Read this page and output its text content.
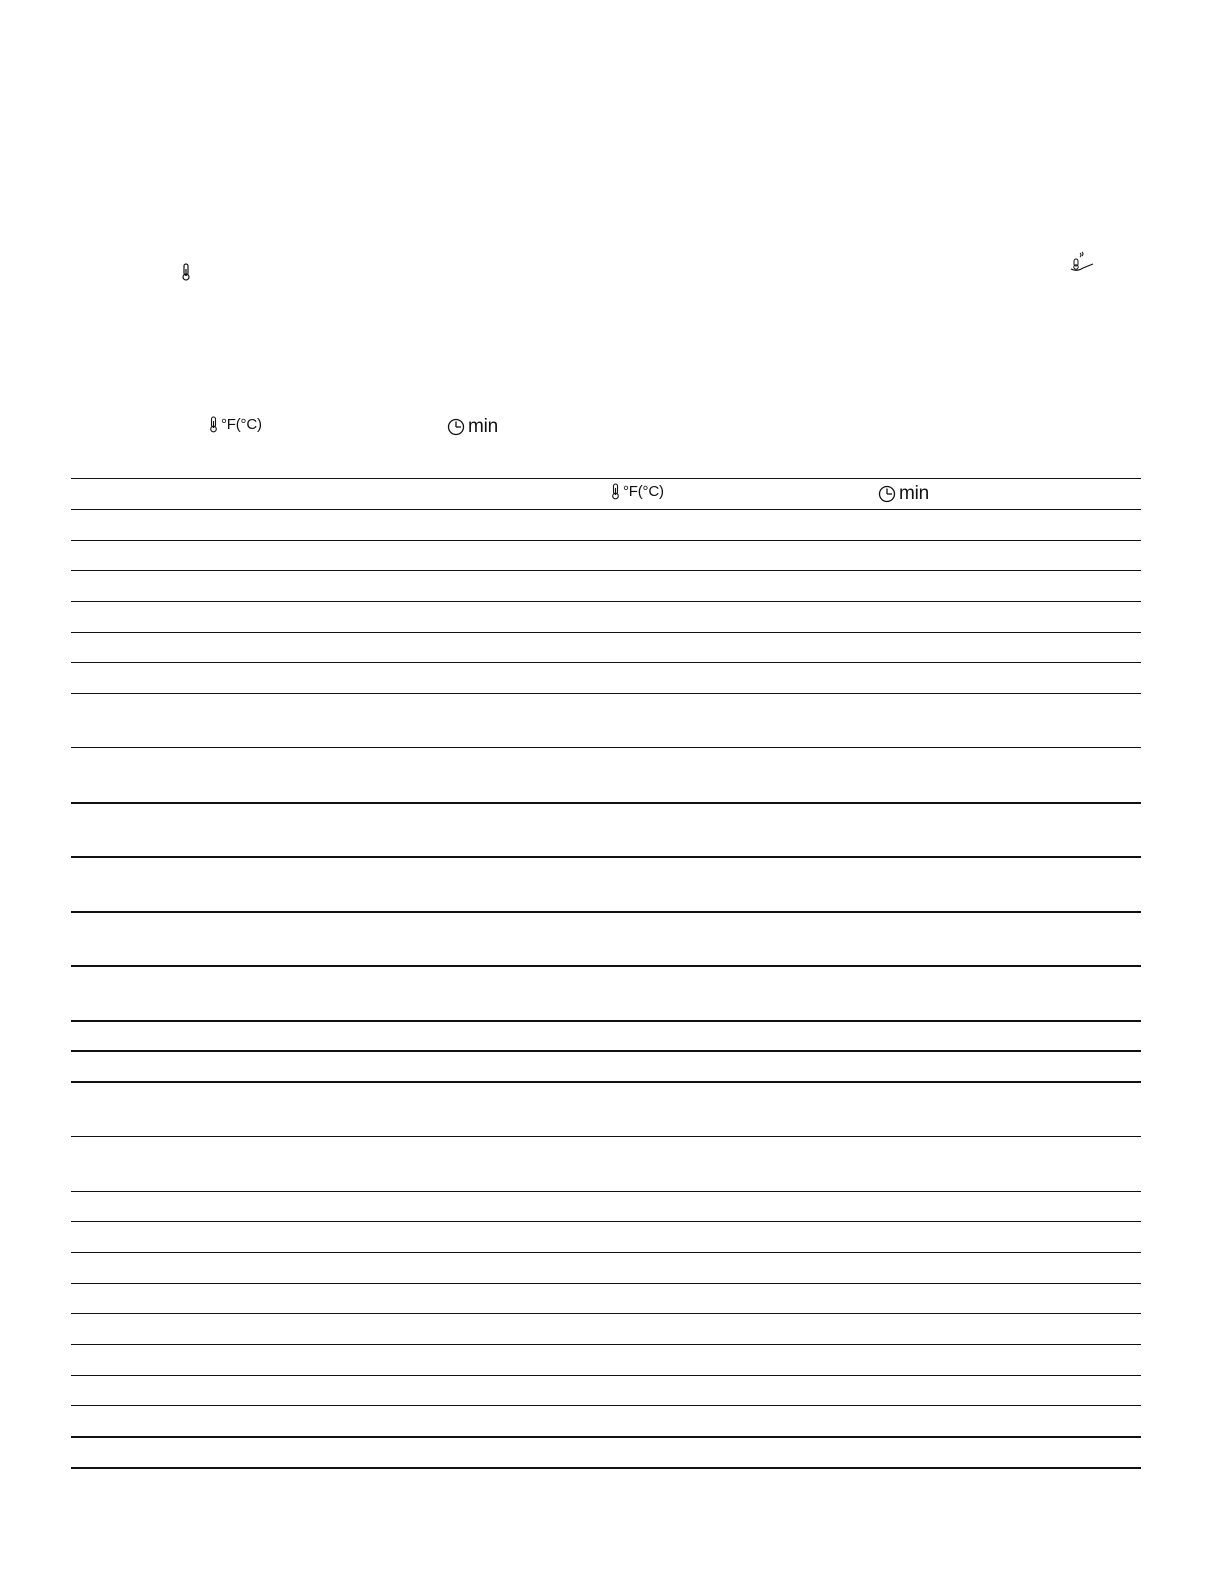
°F(°C)	min
°F(°C)	min
